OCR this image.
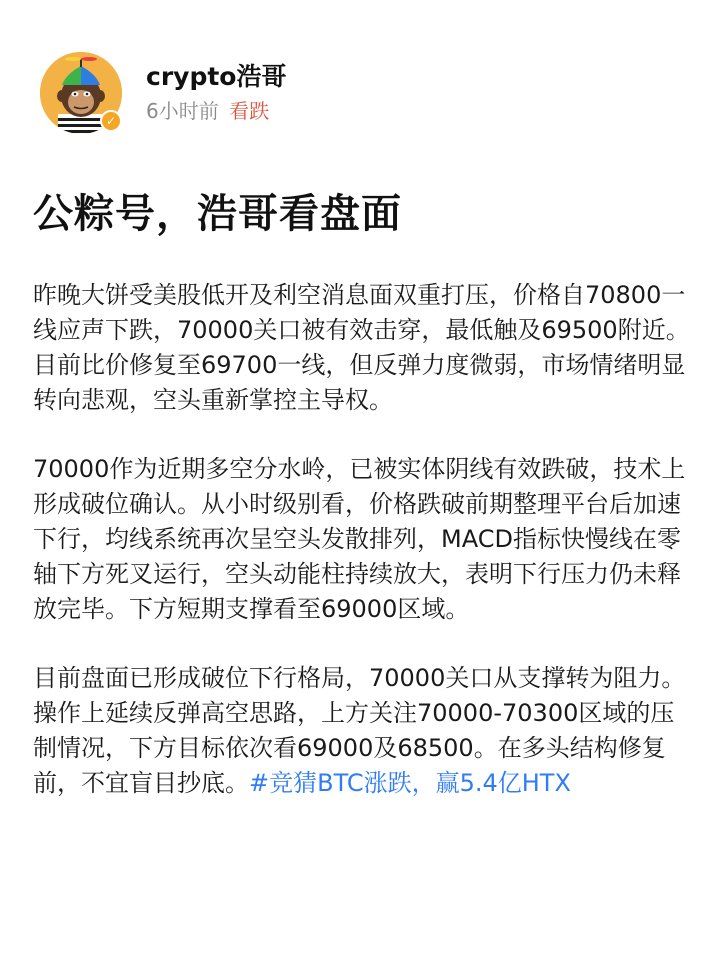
✓
crypto浩哥
6小时前 看跌
公粽号，浩哥看盘面

昨晚大饼受美股低开及利空消息面双重打压，价格自70800一线应声下跌，70000关口被有效击穿，最低触及69500附近。目前比价修复至69700一线，但反弹力度微弱，市场情绪明显转向悲观，空头重新掌控主导权。

70000作为近期多空分水岭，已被实体阴线有效跌破，技术上形成破位确认。从小时级别看，价格跌破前期整理平台后加速下行，均线系统再次呈空头发散排列，MACD指标快慢线在零轴下方死叉运行，空头动能柱持续放大，表明下行压力仍未释放完毕。下方短期支撑看至69000区域。

目前盘面已形成破位下行格局，70000关口从支撑转为阻力。操作上延续反弹高空思路，上方关注70000-70300区域的压制情况，下方目标依次看69000及68500。在多头结构修复前，不宜盲目抄底。#竞猜BTC涨跌，赢5.4亿HTX
